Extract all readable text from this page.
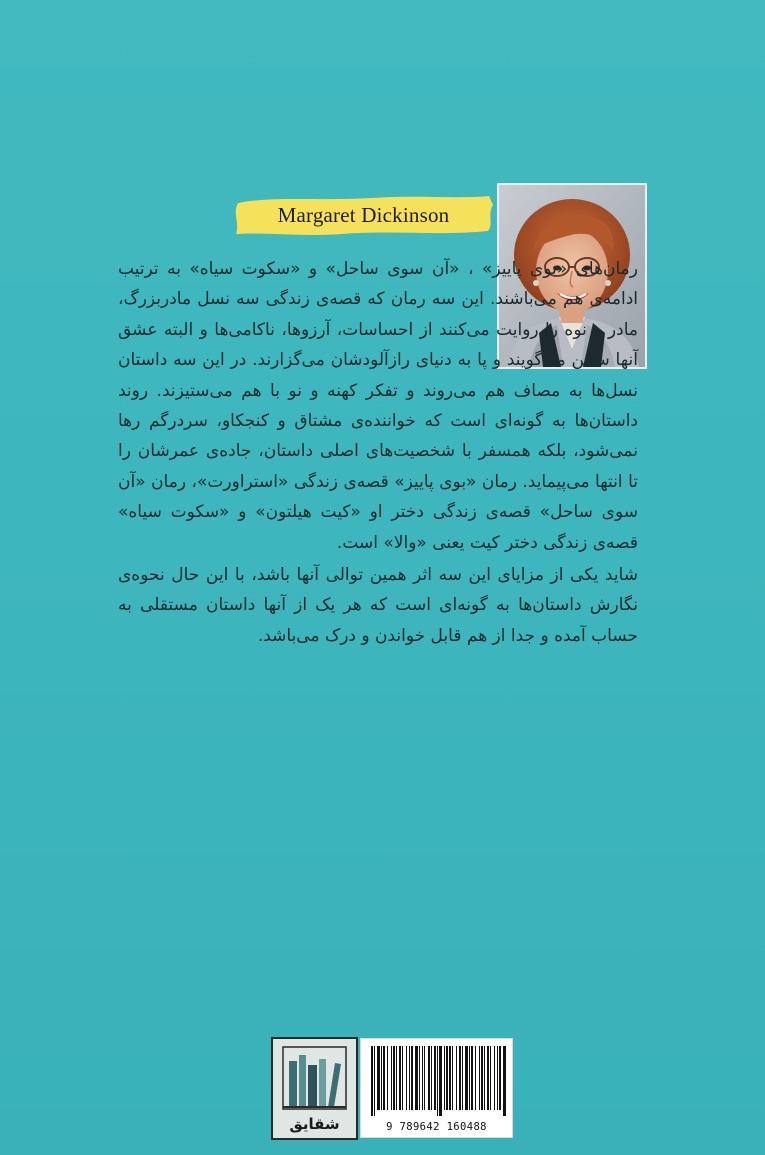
Margaret Dickinson

رمان‌های «بوی پاییز» ، «آن سوی ساحل» و «سکوت سیاه» به ترتیب ادامه‌ی هم می‌باشند. این سه رمان که قصه‌ی زندگی سه نسل مادربزرگ، مادر و نوه را روایت می‌کنند از احساسات، آرزوها، ناکامی‌ها و البته عشق آنها سخن می‌گویند و پا به دنیای رازآلودشان می‌گزارند. در این سه داستان نسل‌ها به مصاف هم می‌روند و تفکر کهنه و نو با هم می‌ستیزند. روند داستان‌ها به گونه‌ای است که خواننده‌ی مشتاق و کنجکاو، سردرگم رها نمی‌شود، بلکه همسفر با شخصیت‌های اصلی داستان، جاده‌ی عمرشان را تا انتها می‌پیماید. رمان «بوی پاییز» قصه‌ی زندگی «استراورت»، رمان «آن سوی ساحل» قصه‌ی زندگی دختر او «کیت هیلتون» و «سکوت سیاه» قصه‌ی زندگی دختر کیت یعنی «والا» است.

شاید یکی از مزایای این سه اثر همین توالی آنها باشد، با این حال نحوه‌ی نگارش داستان‌ها به گونه‌ای است که هر یک از آنها داستان مستقلی به حساب آمده و جدا از هم قابل خواندن و درک می‌باشد.

شقایق	9 789642 160488
